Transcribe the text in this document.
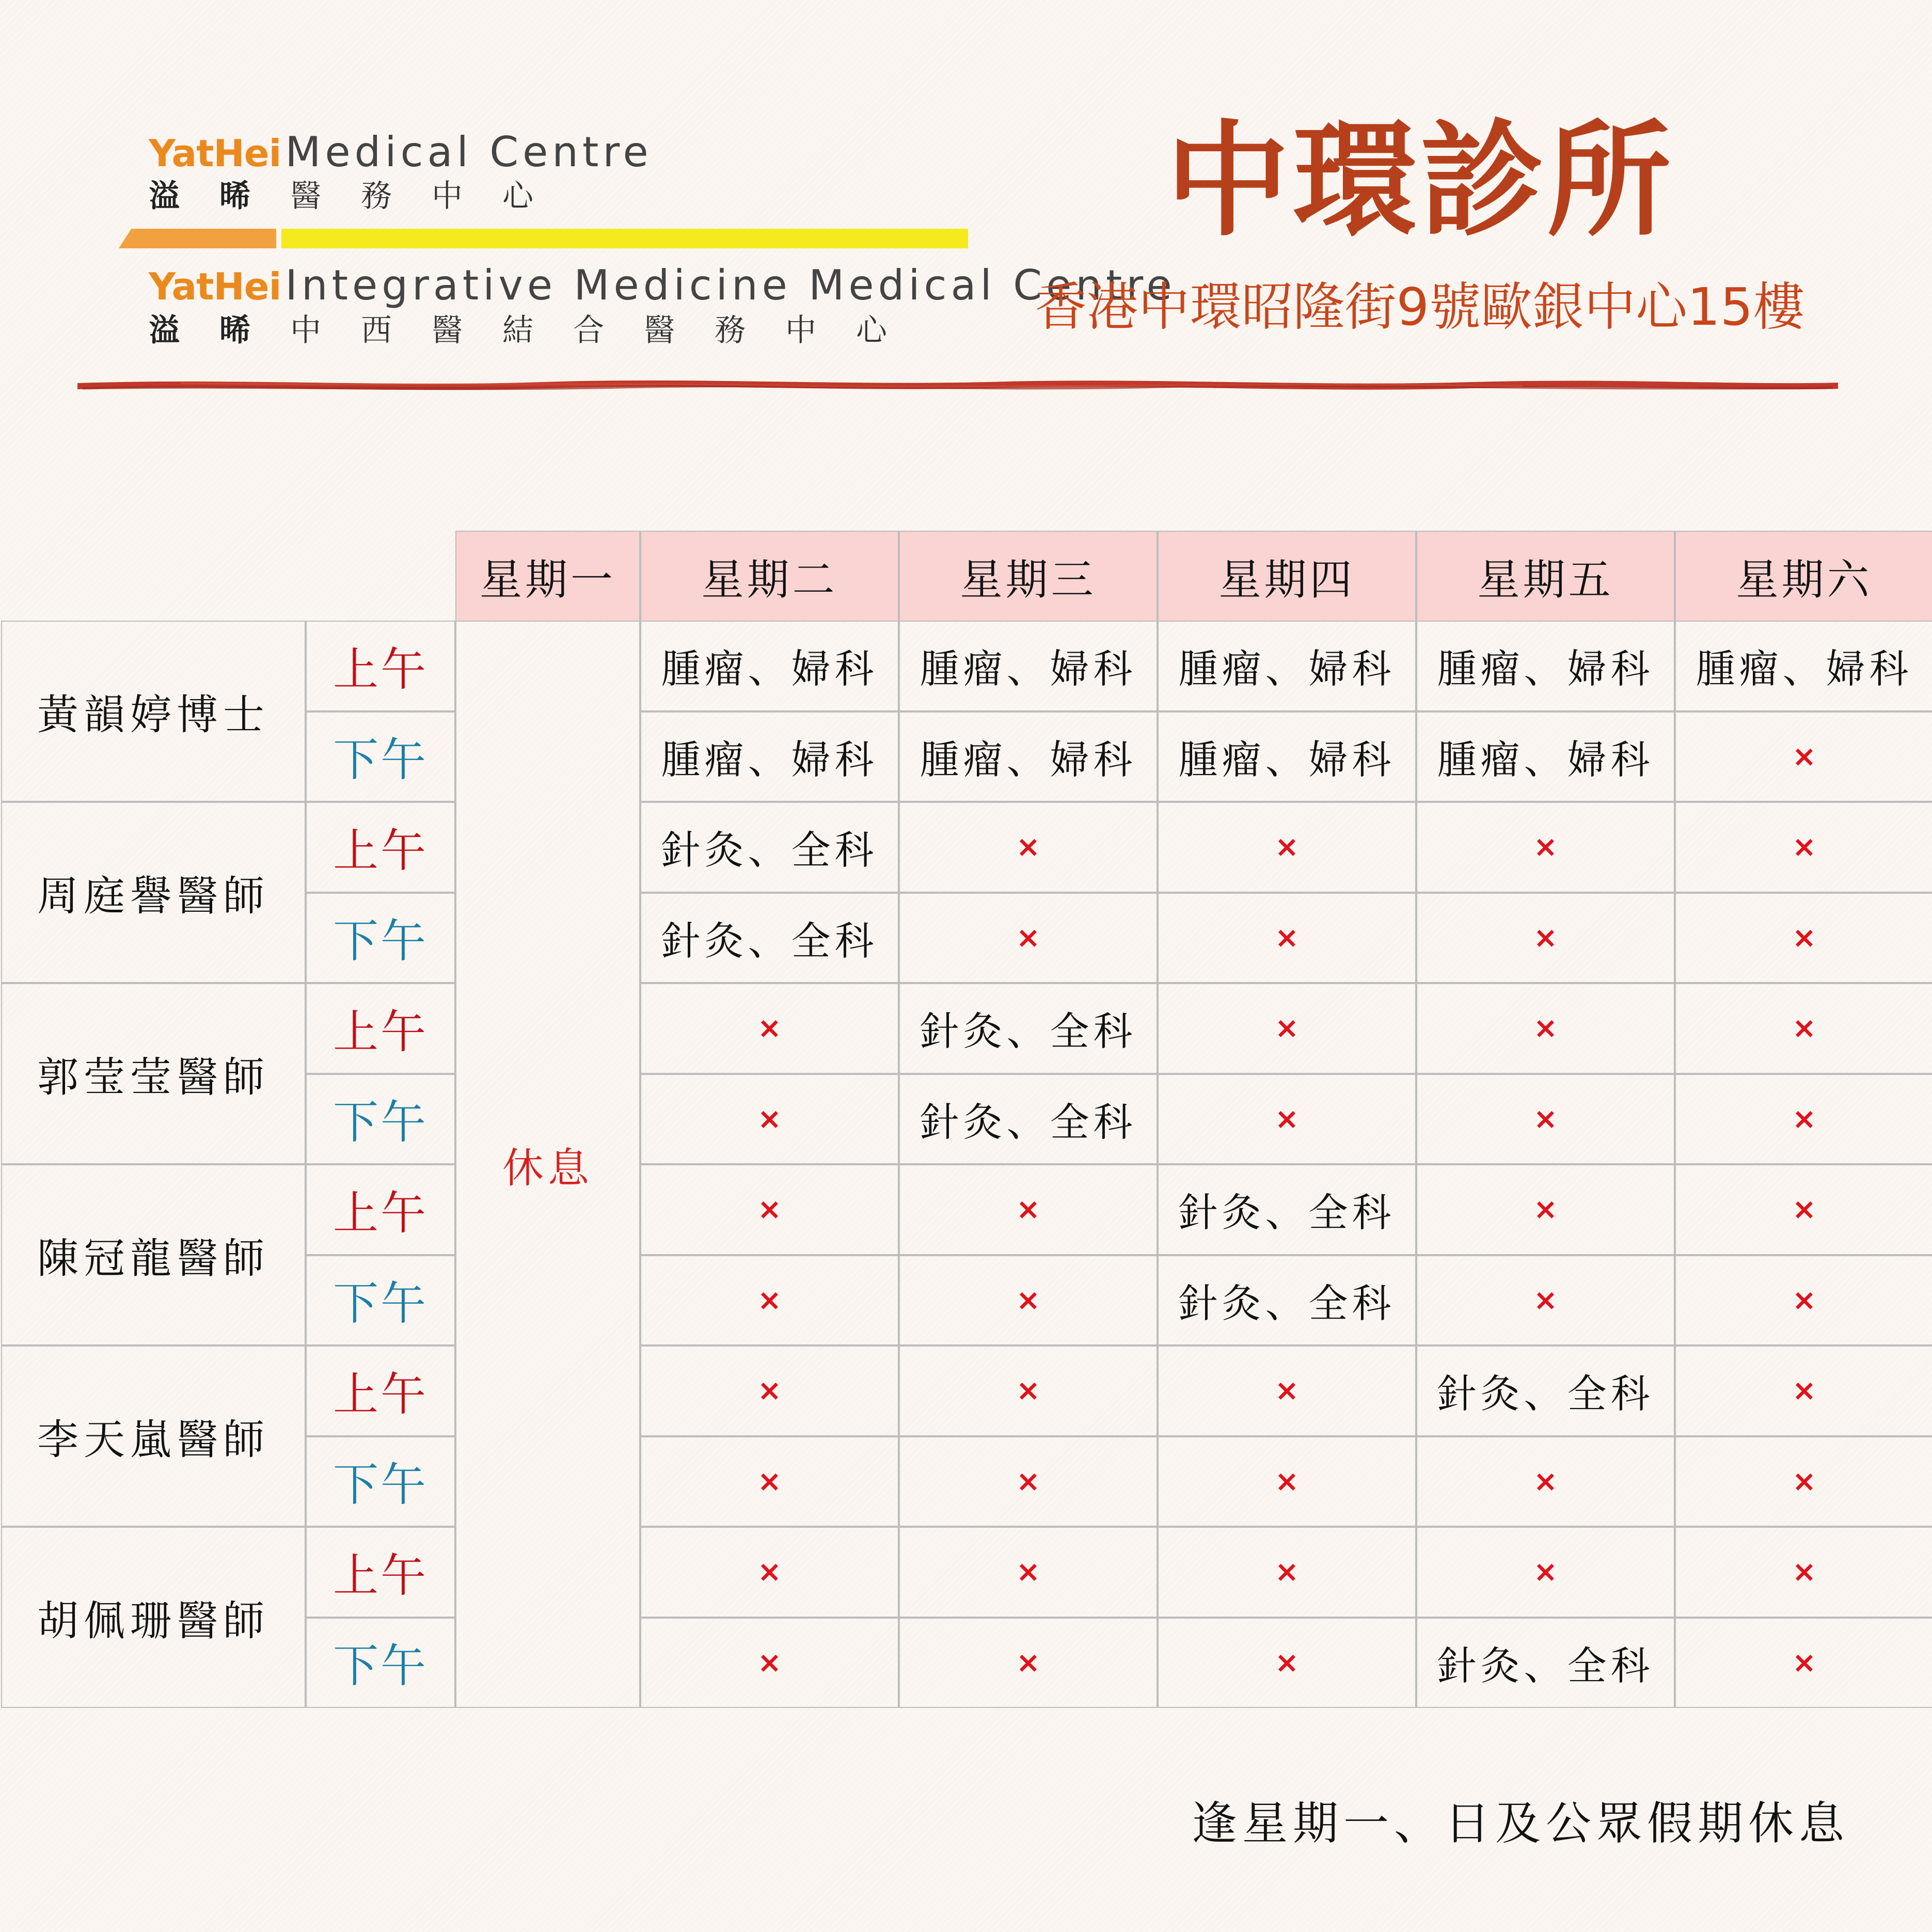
YatHei Medical Centre
溢 晞 醫 務 中 心
YatHei Integrative Medicine Medical Centre
溢 晞 中 西 醫 結 合 醫 務 中 心
中環診所
香港中環昭隆街9號歐銀中心15樓
星期一	星期二	星期三	星期四	星期五	星期六
休息
黃韻婷博士
上午
下午
腫瘤、婦科 腫瘤、婦科 腫瘤、婦科 腫瘤、婦科 腫瘤、婦科
腫瘤、婦科 腫瘤、婦科 腫瘤、婦科 腫瘤、婦科	×
周庭譽醫師
上午
下午
針灸、全科	×	×	×	×
針灸、全科	×	×	×	×
郭莹莹醫師
上午
下午
×	針灸、全科	×	×	×
×	針灸、全科	×	×	×
陳冠龍醫師
上午
下午
×	×	針灸、全科	×	×
×	×	針灸、全科	×	×
李天嵐醫師
上午
下午
×	×	×	針灸、全科	×
×	×	×	×	×
胡佩珊醫師
上午
下午
×	×	×	×	×
×	×	×	針灸、全科	×
逢星期一、日及公眾假期休息
